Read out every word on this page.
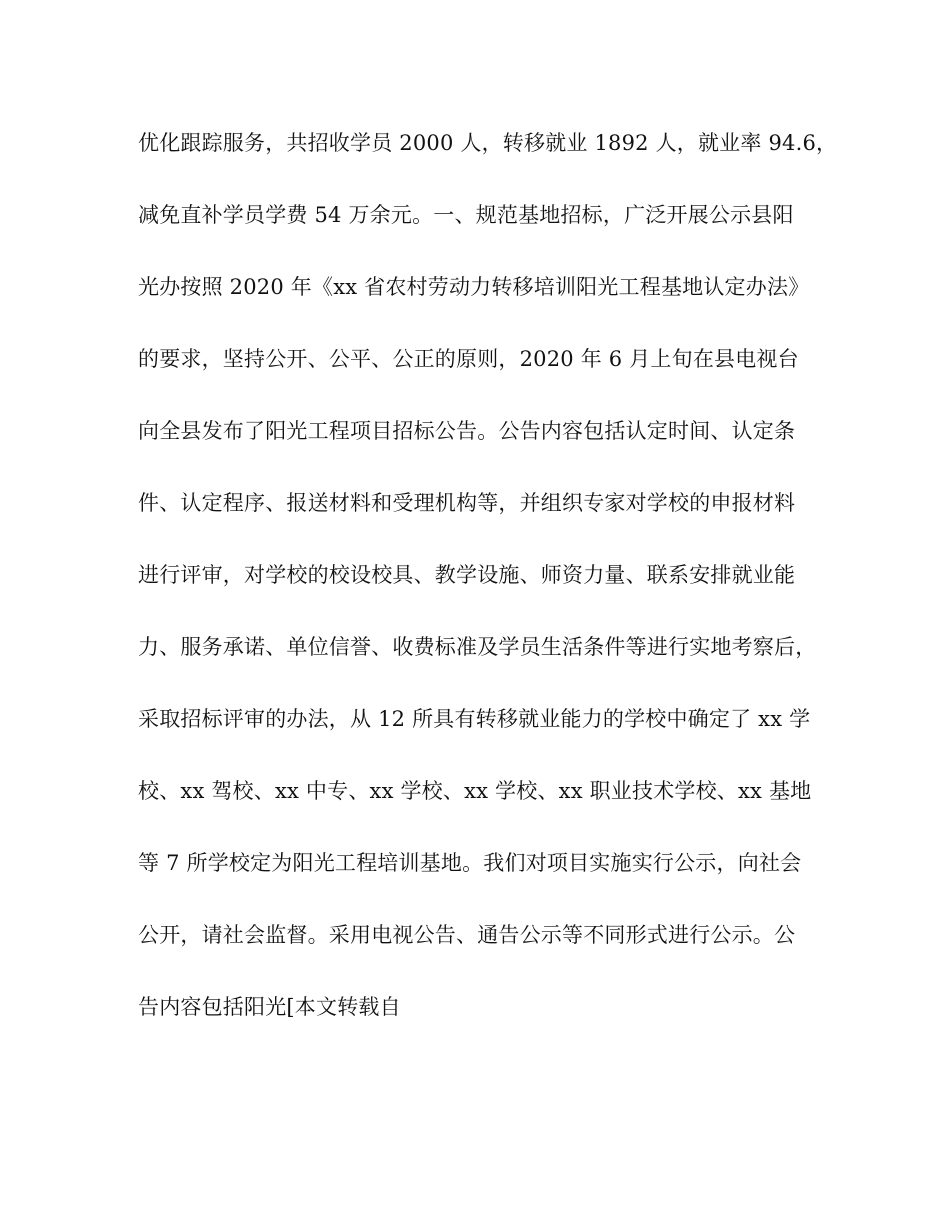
优化跟踪服务，共招收学员 2000 人，转移就业 1892 人，就业率 94.6，
减免直补学员学费 54 万余元。一、规范基地招标，广泛开展公示县阳
光办按照 2020 年《xx 省农村劳动力转移培训阳光工程基地认定办法》
的要求，坚持公开、公平、公正的原则，2020 年 6 月上旬在县电视台
向全县发布了阳光工程项目招标公告。公告内容包括认定时间、认定条
件、认定程序、报送材料和受理机构等，并组织专家对学校的申报材料
进行评审，对学校的校设校具、教学设施、师资力量、联系安排就业能
力、服务承诺、单位信誉、收费标准及学员生活条件等进行实地考察后，
采取招标评审的办法，从 12 所具有转移就业能力的学校中确定了 xx 学
校、xx 驾校、xx 中专、xx 学校、xx 学校、xx 职业技术学校、xx 基地
等 7 所学校定为阳光工程培训基地。我们对项目实施实行公示，向社会
公开，请社会监督。采用电视公告、通告公示等不同形式进行公示。公
告内容包括阳光[本文转载自
